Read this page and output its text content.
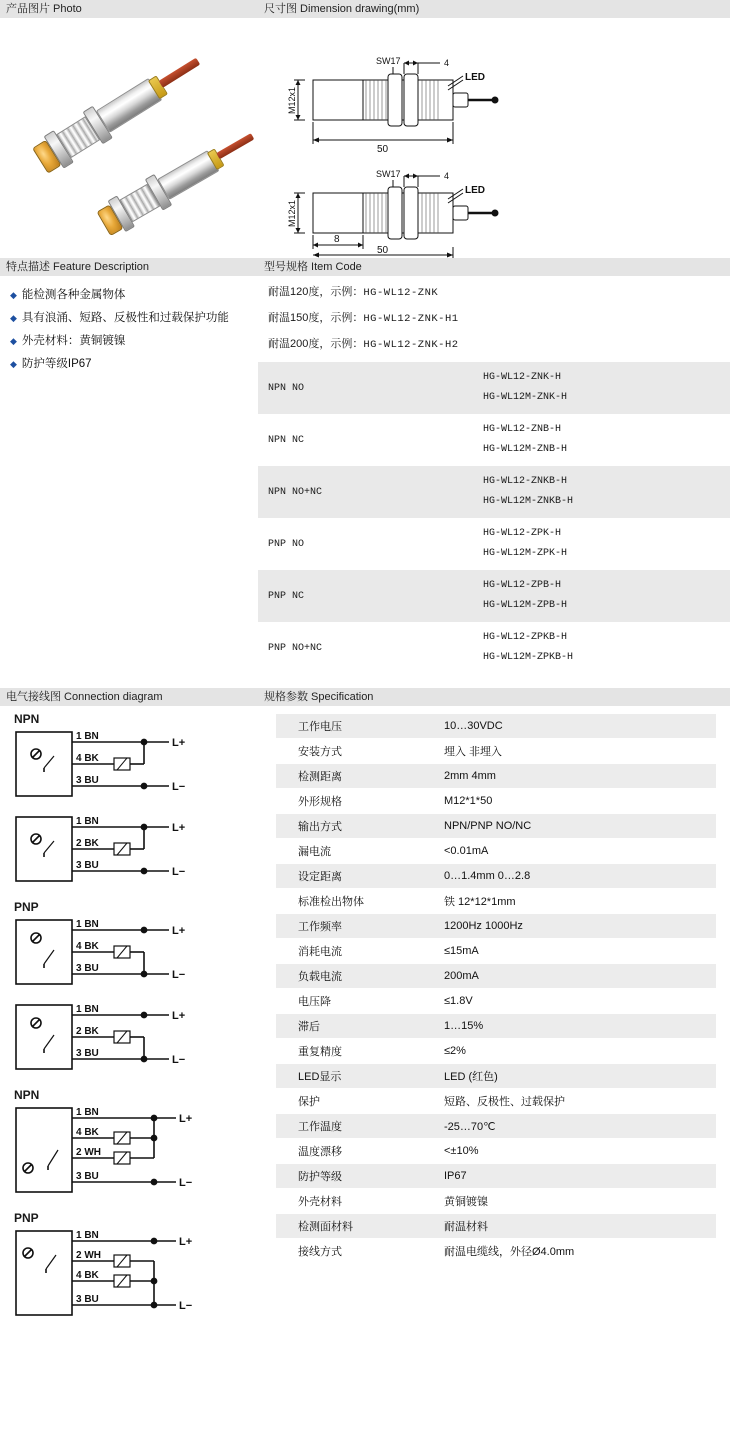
产品图片 Photo	尺寸图 Dimension drawing(mm)
M12x1
SW17	4
LED
50
M12x1
SW17	4
LED
8
50
特点描述 Feature Description
◆ 能检测各种金属物体
◆ 具有浪涌、短路、反极性和过载保护功能
◆ 外壳材料：黄铜镀镍
◆ 防护等级IP67
型号规格 Item Code
耐温120度，示例：HG-WL12-ZNK
耐温150度，示例：HG-WL12-ZNK-H1
耐温200度，示例：HG-WL12-ZNK-H2
NPN NO	HG-WL12-ZNK-H
HG-WL12M-ZNK-H

NPN NC	HG-WL12-ZNB-H
HG-WL12M-ZNB-H

NPN NO+NC	HG-WL12-ZNKB-H
HG-WL12M-ZNKB-H

PNP NO	HG-WL12-ZPK-H
HG-WL12M-ZPK-H

PNP NC	HG-WL12-ZPB-H
HG-WL12M-ZPB-H

PNP NO+NC	HG-WL12-ZPKB-H
HG-WL12M-ZPKB-H
电气接线图 Connection diagram
NPN
1 BN
4 BK
3 BU
L+
L−
1 BN
2 BK
3 BU
L+
L−
PNP
1 BN
4 BK
3 BU
L+
L−
1 BN
2 BK
3 BU
L+
L−
NPN
1 BN
4 BK
2 WH
3 BU
L+
L−
PNP
1 BN
2 WH
4 BK
3 BU
L+
L−
规格参数 Specification
工作电压	10…30VDC
安装方式	埋入 非埋入
检测距离	2mm 4mm
外形规格	M12*1*50
输出方式	NPN/PNP NO/NC
漏电流	<0.01mA
设定距离	0…1.4mm 0…2.8
标准检出物体	铁 12*12*1mm
工作频率	1200Hz 1000Hz
消耗电流	≤15mA
负载电流	200mA
电压降	≤1.8V
滞后	1…15%
重复精度	≤2%
LED显示	LED (红色)
保护	短路、反极性、过载保护
工作温度	-25…70℃
温度漂移	<±10%
防护等级	IP67
外壳材料	黄铜镀镍
检测面材料	耐温材料
接线方式	耐温电缆线，外径Ø4.0mm
